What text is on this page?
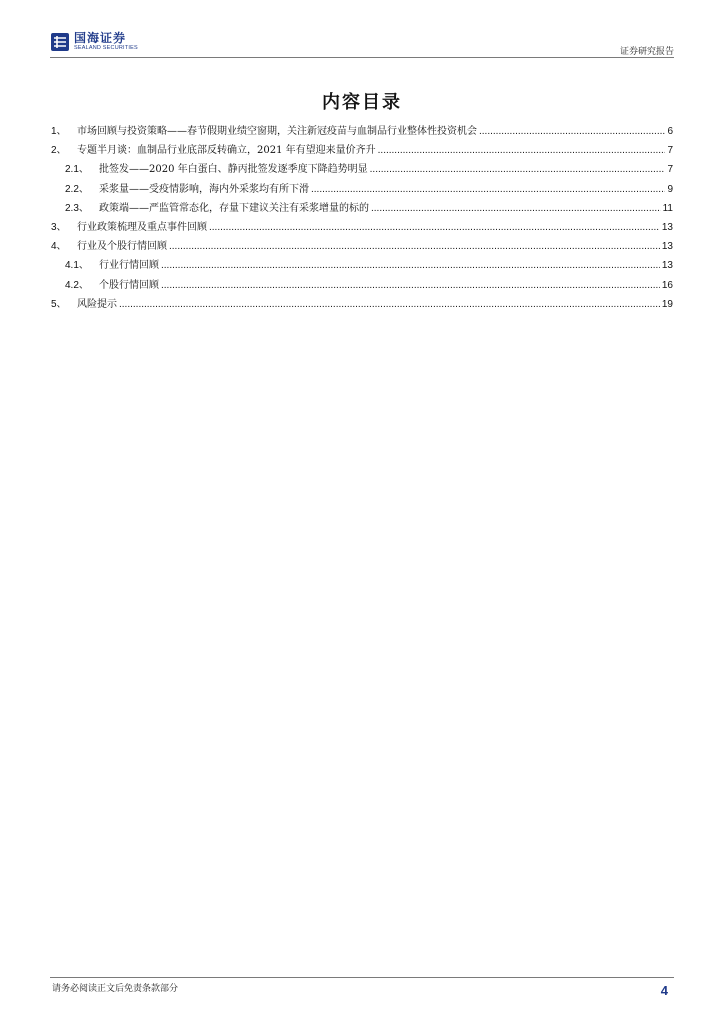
国海证券
SEALAND SECURITIES	证券研究报告
内容目录
1、	市场回顾与投资策略——春节假期业绩空窗期，关注新冠疫苗与血制品行业整体性投资机会 .....	6
2、	专题半月谈：血制品行业底部反转确立，2021 年有望迎来量价齐升 .....	7
2.1、	批签发——2020 年白蛋白、静丙批签发逐季度下降趋势明显 .....	7
2.2、	采浆量——受疫情影响，海内外采浆均有所下滑 .....	9
2.3、	政策端——严监管常态化，存量下建议关注有采浆增量的标的 .....	11
3、	行业政策梳理及重点事件回顾 .....	13
4、	行业及个股行情回顾 .....	13
4.1、	行业行情回顾 .....	13
4.2、	个股行情回顾 .....	16
5、	风险提示 .....	19
请务必阅读正文后免责条款部分	4
